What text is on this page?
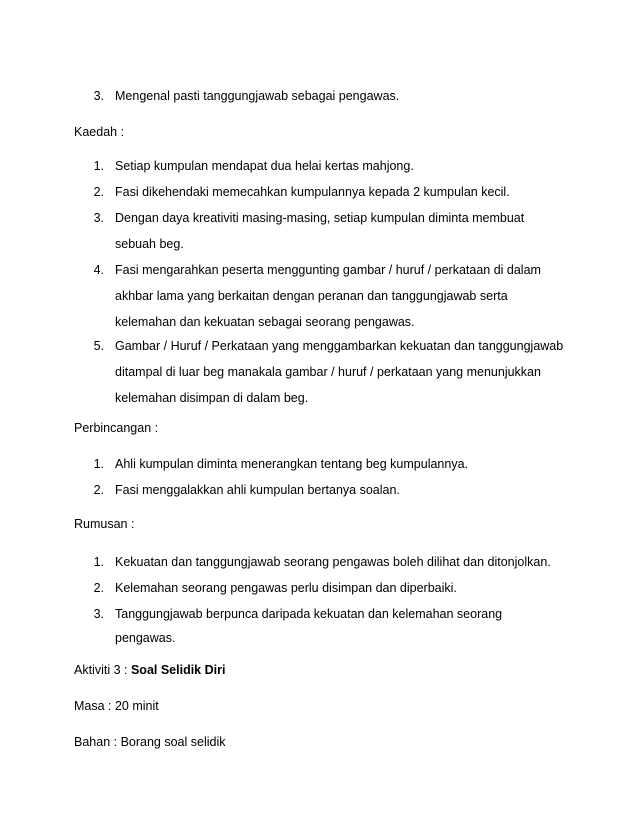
3. Mengenal pasti tanggungjawab sebagai pengawas.
Kaedah :
1. Setiap kumpulan mendapat dua helai kertas mahjong.
2. Fasi dikehendaki memecahkan kumpulannya kepada 2 kumpulan kecil.
3. Dengan daya kreativiti masing-masing, setiap kumpulan diminta membuat
sebuah beg.
4. Fasi mengarahkan peserta menggunting gambar / huruf / perkataan di dalam
akhbar lama yang berkaitan dengan peranan dan tanggungjawab serta
kelemahan dan kekuatan sebagai seorang pengawas.
5. Gambar / Huruf / Perkataan yang menggambarkan kekuatan dan tanggungjawab
ditampal di luar beg manakala gambar / huruf / perkataan yang menunjukkan
kelemahan disimpan di dalam beg.
Perbincangan :
1. Ahli kumpulan diminta menerangkan tentang beg kumpulannya.
2. Fasi menggalakkan ahli kumpulan bertanya soalan.
Rumusan :
1. Kekuatan dan tanggungjawab seorang pengawas boleh dilihat dan ditonjolkan.
2. Kelemahan seorang pengawas perlu disimpan dan diperbaiki.
3. Tanggungjawab berpunca daripada kekuatan dan kelemahan seorang
pengawas.
Aktiviti 3 : Soal Selidik Diri
Masa : 20 minit
Bahan : Borang soal selidik
